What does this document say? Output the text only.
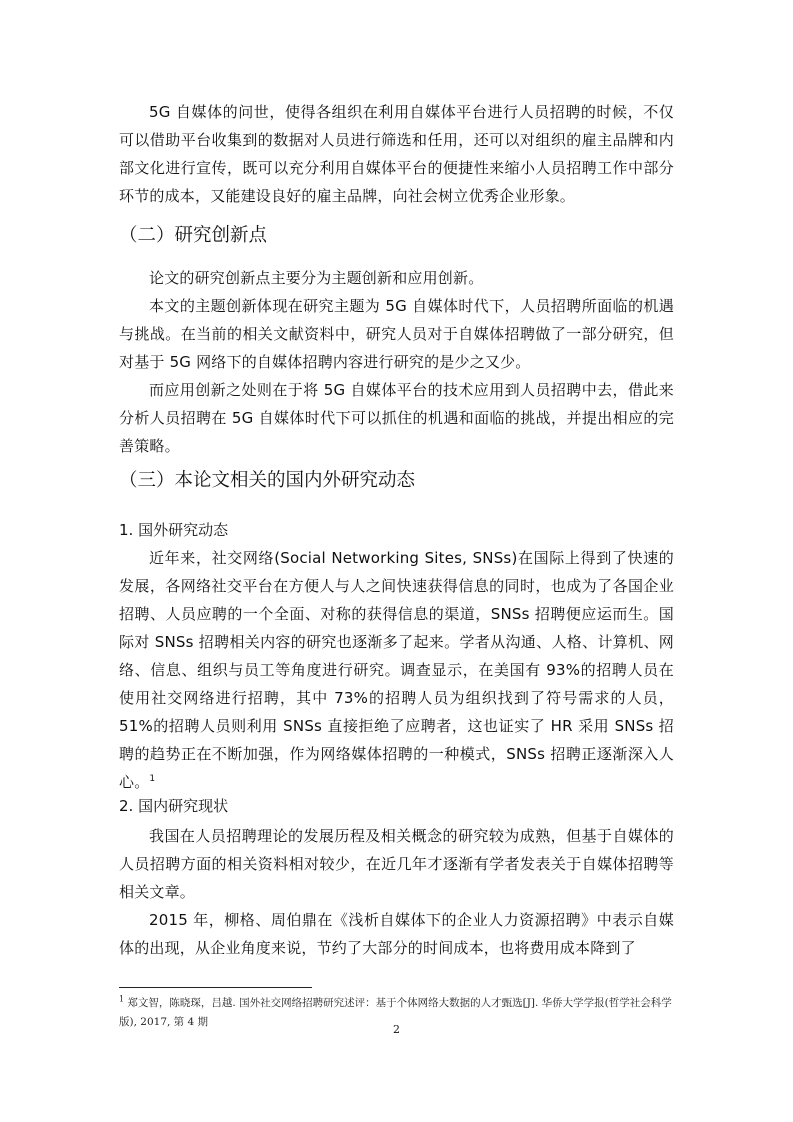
5G 自媒体的问世，使得各组织在利用自媒体平台进行人员招聘的时候，不仅可以借助平台收集到的数据对人员进行筛选和任用，还可以对组织的雇主品牌和内部文化进行宣传，既可以充分利用自媒体平台的便捷性来缩小人员招聘工作中部分环节的成本，又能建设良好的雇主品牌，向社会树立优秀企业形象。

（二）研究创新点

论文的研究创新点主要分为主题创新和应用创新。

本文的主题创新体现在研究主题为 5G 自媒体时代下，人员招聘所面临的机遇与挑战。在当前的相关文献资料中，研究人员对于自媒体招聘做了一部分研究，但对基于 5G 网络下的自媒体招聘内容进行研究的是少之又少。

而应用创新之处则在于将 5G 自媒体平台的技术应用到人员招聘中去，借此来分析人员招聘在 5G 自媒体时代下可以抓住的机遇和面临的挑战，并提出相应的完善策略。

（三）本论文相关的国内外研究动态
1. 国外研究动态

近年来，社交网络(Social Networking Sites, SNSs)在国际上得到了快速的发展，各网络社交平台在方便人与人之间快速获得信息的同时，也成为了各国企业招聘、人员应聘的一个全面、对称的获得信息的渠道，SNSs 招聘便应运而生。国际对 SNSs 招聘相关内容的研究也逐渐多了起来。学者从沟通、人格、计算机、网络、信息、组织与员工等角度进行研究。调查显示，在美国有 93%的招聘人员在使用社交网络进行招聘，其中 73%的招聘人员为组织找到了符号需求的人员，51%的招聘人员则利用 SNSs 直接拒绝了应聘者，这也证实了 HR 采用 SNSs 招聘的趋势正在不断加强，作为网络媒体招聘的一种模式，SNSs 招聘正逐渐深入人心。$^1$

2. 国内研究现状

我国在人员招聘理论的发展历程及相关概念的研究较为成熟，但基于自媒体的人员招聘方面的相关资料相对较少，在近几年才逐渐有学者发表关于自媒体招聘等相关文章。

2015 年，柳格、周伯鼎在《浅析自媒体下的企业人力资源招聘》中表示自媒体的出现，从企业角度来说，节约了大部分的时间成本，也将费用成本降到了

$^1$ 郑文智，陈晓琛，吕越. 国外社交网络招聘研究述评：基于个体网络大数据的人才甄选[J]. 华侨大学学报(哲学社会科学版), 2017, 第 4 期

2
